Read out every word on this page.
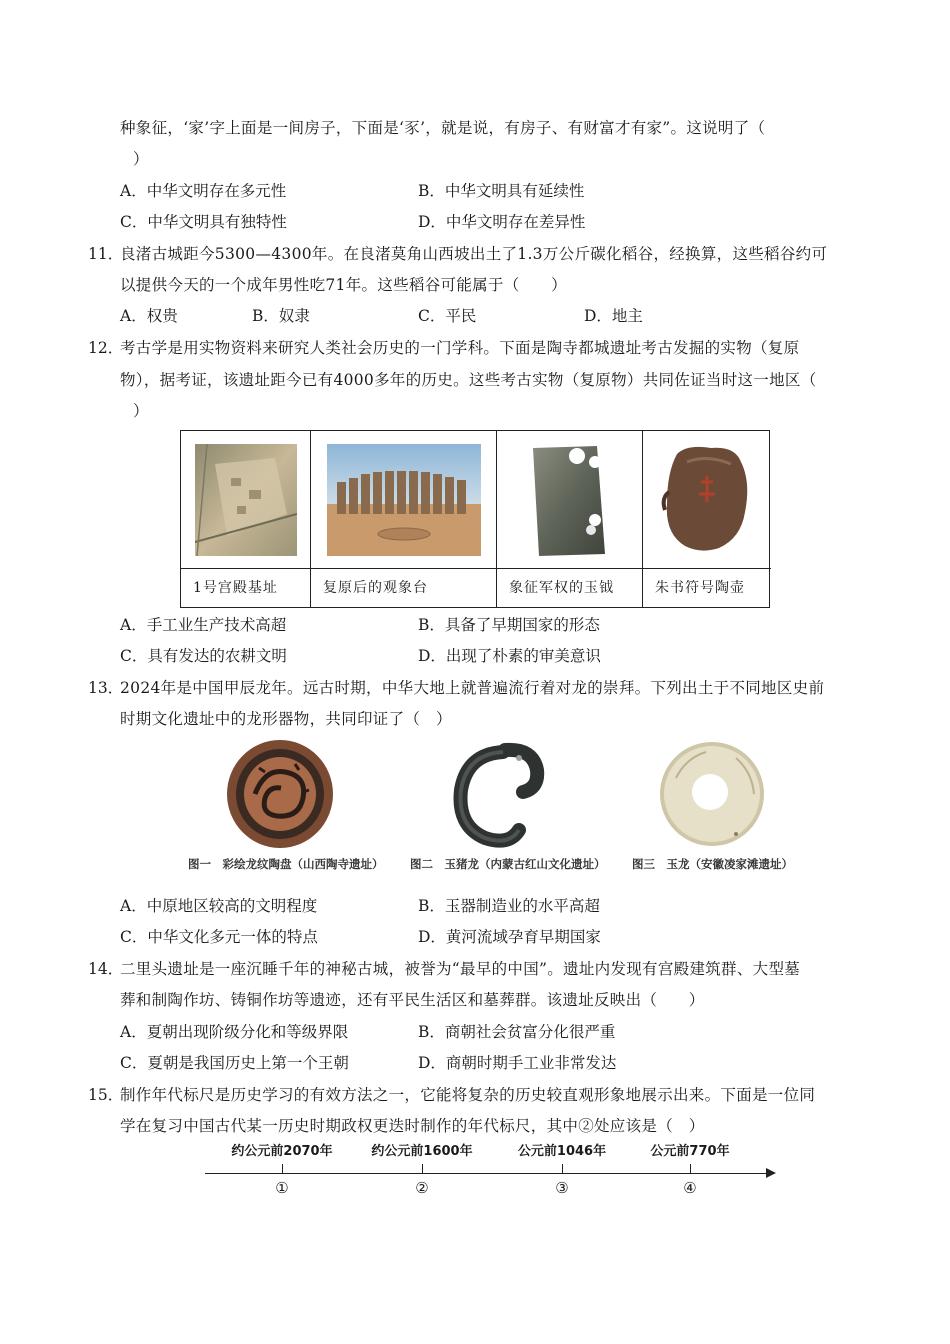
种象征，‘家’字上面是一间房子，下面是‘豕’，就是说，有房子、有财富才有家”。这说明了（
）
A．中华文明存在多元性	B．中华文明具有延续性
C．中华文明具有独特性	D．中华文明存在差异性
11．
良渚古城距今5300—4300年。在良渚莫角山西坡出土了1.3万公斤碳化稻谷，经换算，这些稻谷约可
以提供今天的一个成年男性吃71年。这些稻谷可能属于（　　）
A．权贵	B．奴隶	C．平民	D．地主
12．
考古学是用实物资料来研究人类社会历史的一门学科。下面是陶寺都城遗址考古发掘的实物（复原
物），据考证，该遗址距今已有4000多年的历史。这些考古实物（复原物）共同佐证当时这一地区（
）
1号宫殿基址	复原后的观象台	象征军权的玉钺	朱书符号陶壶
A．手工业生产技术高超	B．具备了早期国家的形态
C．具有发达的农耕文明	D．出现了朴素的审美意识
13．
2024年是中国甲辰龙年。远古时期，中华大地上就普遍流行着对龙的崇拜。下列出土于不同地区史前
时期文化遗址中的龙形器物，共同印证了（　）
图一　彩绘龙纹陶盘（山西陶寺遗址） 图二　玉猪龙（内蒙古红山文化遗址） 图三　玉龙（安徽凌家滩遗址）
A．中原地区较高的文明程度	B．玉器制造业的水平高超
C．中华文化多元一体的特点	D．黄河流域孕育早期国家
14．
二里头遗址是一座沉睡千年的神秘古城，被誉为“最早的中国”。遗址内发现有宫殿建筑群、大型墓
葬和制陶作坊、铸铜作坊等遗迹，还有平民生活区和墓葬群。该遗址反映出（　　）
A．夏朝出现阶级分化和等级界限	B．商朝社会贫富分化很严重
C．夏朝是我国历史上第一个王朝	D．商朝时期手工业非常发达
15．
制作年代标尺是历史学习的有效方法之一，它能将复杂的历史较直观形象地展示出来。下面是一位同
学在复习中国古代某一历史时期政权更迭时制作的年代标尺，其中②处应该是（　）
约公元前2070年	约公元前1600年	公元前1046年	公元前770年
①	②	③	④
